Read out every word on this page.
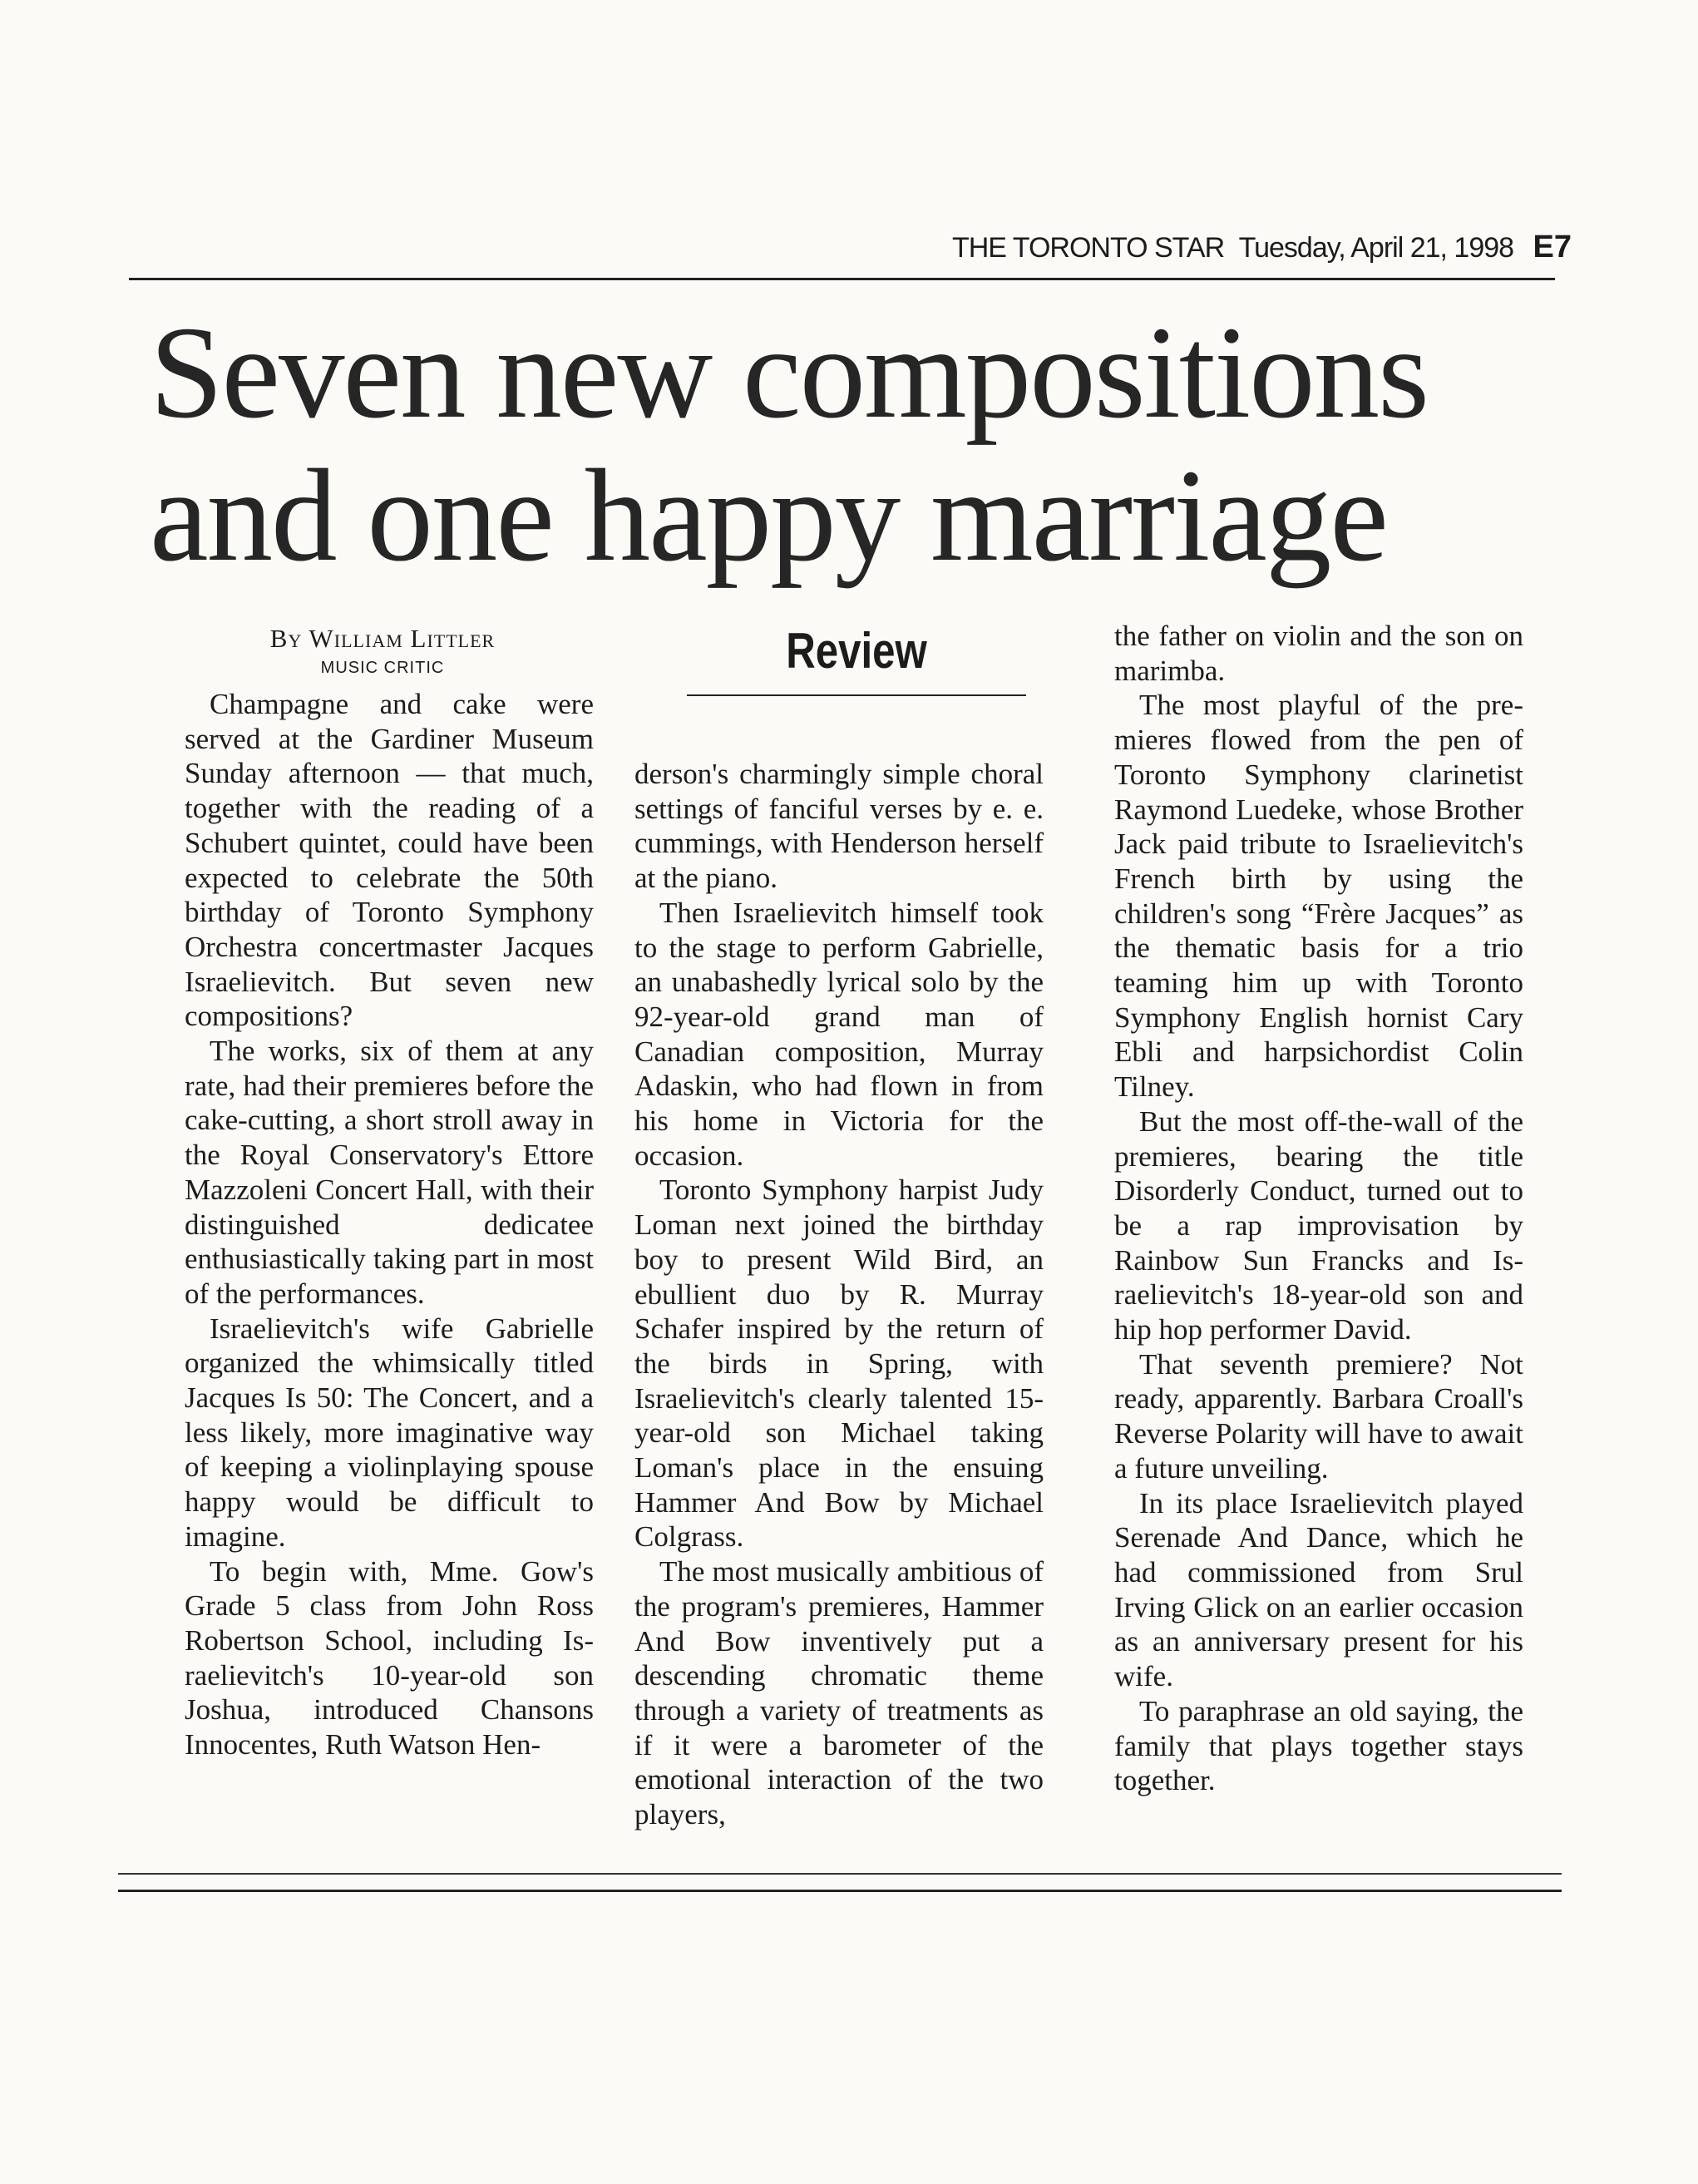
THE TORONTO STAR Tuesday, April 21, 1998 E7
Seven new compositions
and one happy marriage
By William Littler
MUSIC CRITIC	Review

Champagne and cake were served at the Gardiner Museum Sunday afternoon — that much, together with the reading of a Schubert quintet, could have been expected to celebrate the 50th birthday of Toronto Symphony Orchestra concertmaster Jacques Israelievitch. But seven new compositions?

The works, six of them at any rate, had their premieres before the cake-cutting, a short stroll away in the Royal Conservatory's Ettore Mazzoleni Concert Hall, with their distinguished dedicatee enthusiastically taking part in most of the performances.

Israelievitch's wife Gabrielle organized the whimsically titled Jacques Is 50: The Concert, and a less likely, more imaginative way of keeping a violinplaying spouse happy would be difficult to imagine.

To begin with, Mme. Gow's Grade 5 class from John Ross Robertson School, including Israelievitch's 10-year-old son Joshua, introduced Chansons Innocentes, Ruth Watson Hen-

derson's charmingly simple choral settings of fanciful verses by e. e. cummings, with Henderson herself at the piano.

Then Israelievitch himself took to the stage to perform Gabrielle, an unabashedly lyrical solo by the 92-year-old grand man of Canadian composition, Murray Adaskin, who had flown in from his home in Victoria for the occasion.

Toronto Symphony harpist Judy Loman next joined the birthday boy to present Wild Bird, an ebullient duo by R. Murray Schafer inspired by the return of the birds in Spring, with Israelievitch's clearly talented 15-year-old son Michael taking Loman's place in the ensuing Hammer And Bow by Michael Colgrass.

The most musically ambitious of the program's premieres, Hammer And Bow inventively put a descending chromatic theme through a variety of treatments as if it were a barometer of the emotional interaction of the two players,

the father on violin and the son on marimba.

The most playful of the premieres flowed from the pen of Toronto Symphony clarinetist Raymond Luedeke, whose Brother Jack paid tribute to Israelievitch's French birth by using the children's song “Frère Jacques” as the thematic basis for a trio teaming him up with Toronto Symphony English hornist Cary Ebli and harpsichordist Colin Tilney.

But the most off-the-wall of the premieres, bearing the title Disorderly Conduct, turned out to be a rap improvisation by Rainbow Sun Francks and Israelievitch's 18-year-old son and hip hop performer David.

That seventh premiere? Not ready, apparently. Barbara Croall's Reverse Polarity will have to await a future unveiling.

In its place Israelievitch played Serenade And Dance, which he had commissioned from Srul Irving Glick on an earlier occasion as an anniversary present for his wife.

To paraphrase an old saying, the family that plays together stays together.
